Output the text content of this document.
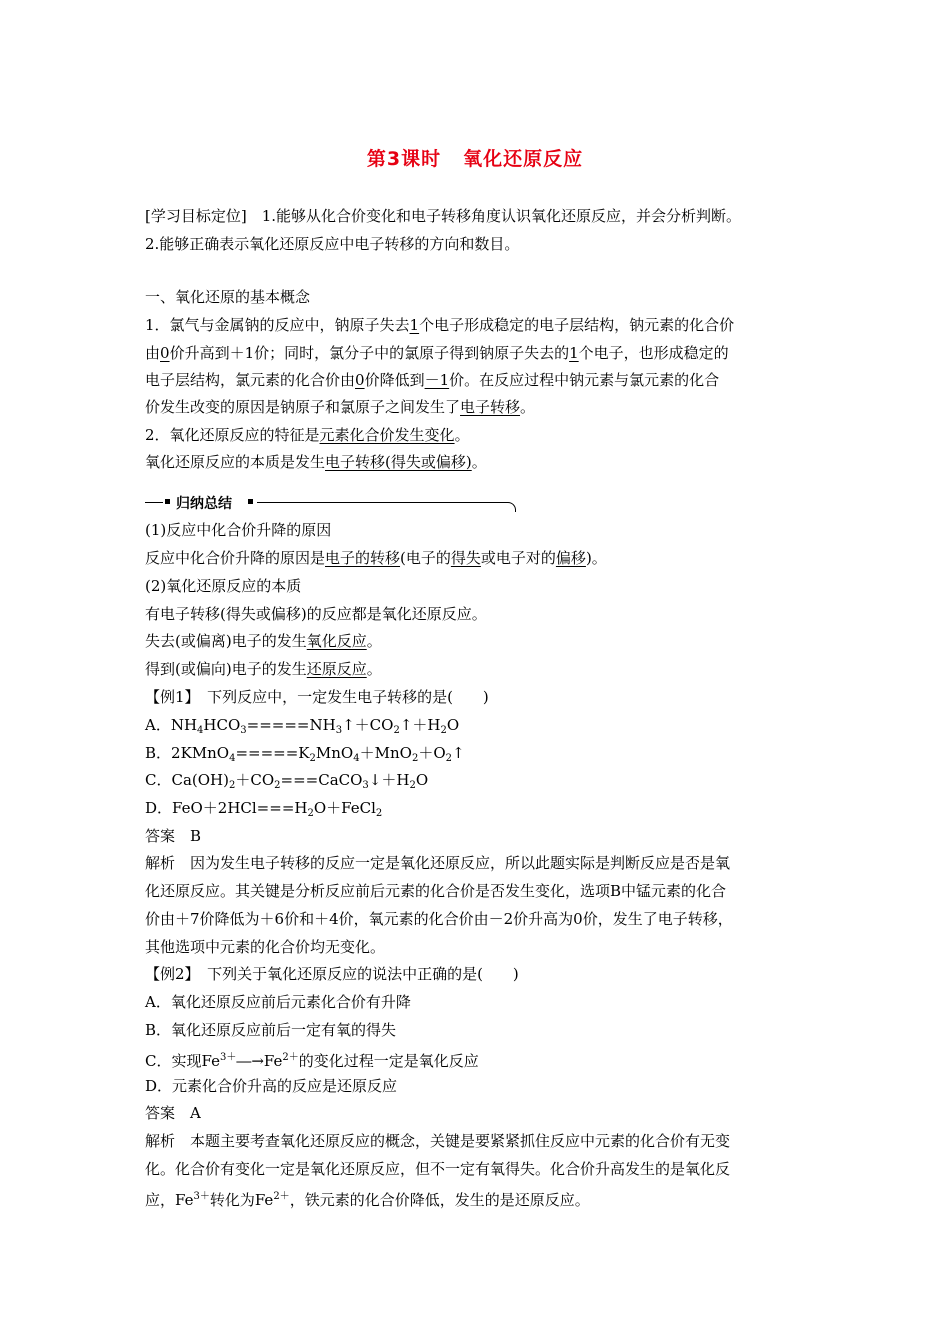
第3课时 氧化还原反应
[学习目标定位]　 1.能够从化合价变化和电子转移角度认识氧化还原反应，并会分析判断。
2.能够正确表示氧化还原反应中电子转移的方向和数目。
一、氧化还原的基本概念
1．氯气与金属钠的反应中，钠原子失去1个电子形成稳定的电子层结构，钠元素的化合价
由0价升高到＋1价；同时，氯分子中的氯原子得到钠原子失去的1个电子，也形成稳定的
电子层结构，氯元素的化合价由0价降低到－1价。在反应过程中钠元素与氯元素的化合
价发生改变的原因是钠原子和氯原子之间发生了电子转移。
2．氧化还原反应的特征是元素化合价发生变化。
氧化还原反应的本质是发生电子转移(得失或偏移)。
归纳总结
(1)反应中化合价升降的原因
反应中化合价升降的原因是电子的转移(电子的得失或电子对的偏移)。
(2)氧化还原反应的本质
有电子转移(得失或偏移)的反应都是氧化还原反应。
失去(或偏离)电子的发生氧化反应。
得到(或偏向)电子的发生还原反应。
【例1】　 下列反应中，一定发生电子转移的是(　　)
A．$NH_4HCO_3=====NH_3↑+CO_2↑+H_2O$
B．$2KMnO_4=====K_2MnO_4+MnO_2+O_2↑$
C．$Ca(OH)_2+CO_2===CaCO_3↓+H_2O$
D．$FeO+2HCl===H_2O+FeCl_2$
答案　B
解析　因为发生电子转移的反应一定是氧化还原反应，所以此题实际是判断反应是否是氧
化还原反应。其关键是分析反应前后元素的化合价是否发生变化，选项B中锰元素的化合
价由＋7价降低为＋6价和＋4价，氧元素的化合价由－2价升高为0价，发生了电子转移，
其他选项中元素的化合价均无变化。
【例2】　 下列关于氧化还原反应的说法中正确的是(　　)
A．氧化还原反应前后元素化合价有升降
B．氧化还原反应前后一定有氧的得失
C．实现$Fe^{3+}―\to Fe^{2+}$的变化过程一定是氧化反应
D．元素化合价升高的反应是还原反应
答案　A
解析　本题主要考查氧化还原反应的概念，关键是要紧紧抓住反应中元素的化合价有无变
化。化合价有变化一定是氧化还原反应，但不一定有氧得失。化合价升高发生的是氧化反
应，$Fe^{3+}$转化为$Fe^{2+}$，铁元素的化合价降低，发生的是还原反应。
